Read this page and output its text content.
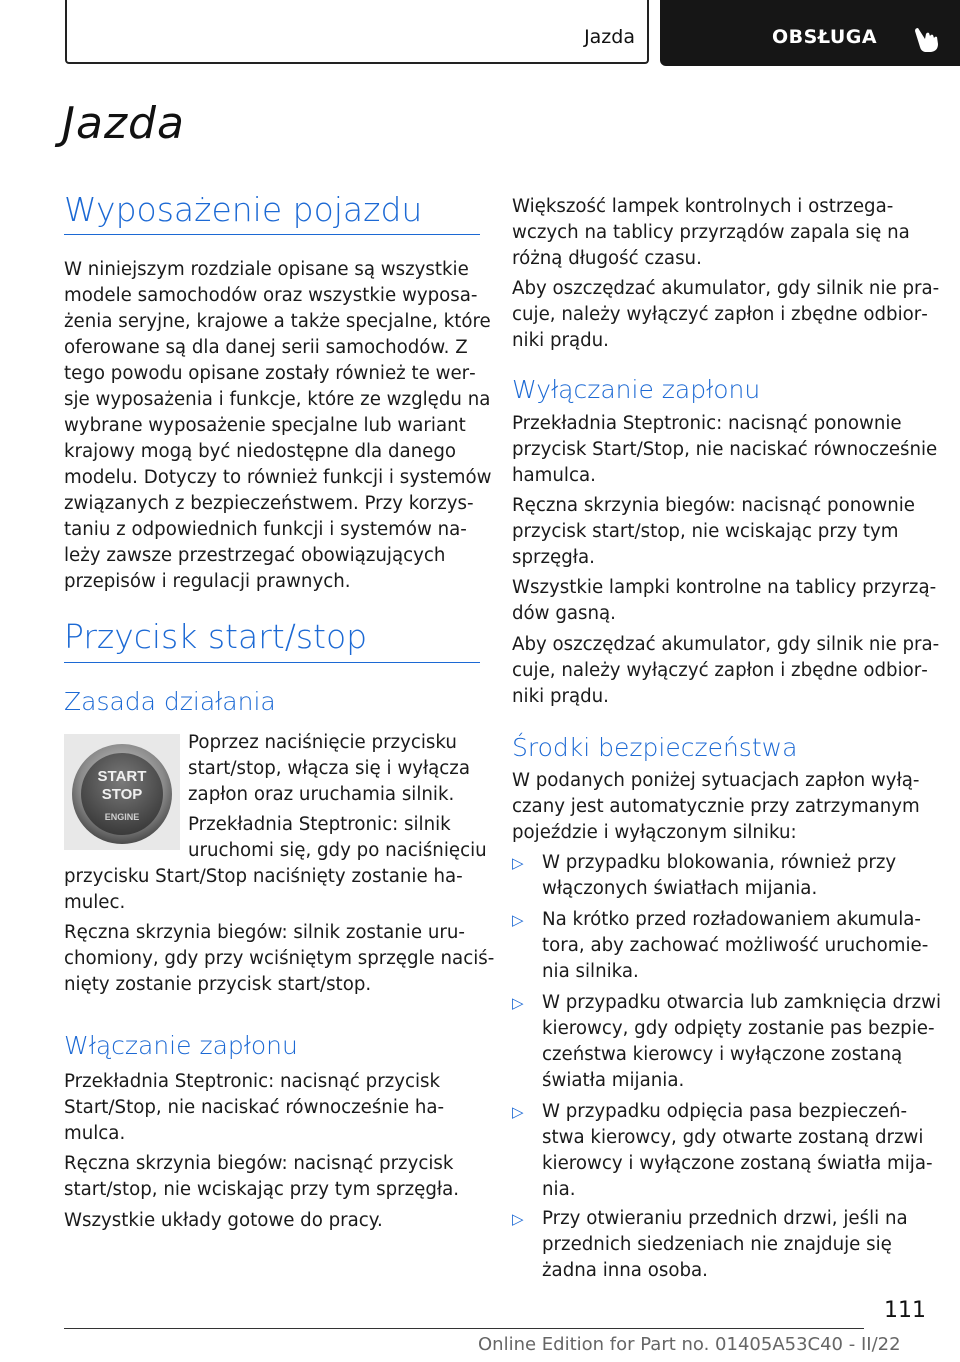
Jazda	OBSŁUGA
Jazda
Wyposażenie pojazdu
W niniejszym rozdziale opisane są wszystkie
modele samochodów oraz wszystkie wyposa‐
żenia seryjne, krajowe a także specjalne, które
oferowane są dla danej serii samochodów. Z
tego powodu opisane zostały również te wer‐
sje wyposażenia i funkcje, które ze względu na
wybrane wyposażenie specjalne lub wariant
krajowy mogą być niedostępne dla danego
modelu. Dotyczy to również funkcji i systemów
związanych z bezpieczeństwem. Przy korzys‐
taniu z odpowiednich funkcji i systemów na‐
leży zawsze przestrzegać obowiązujących
przepisów i regulacji prawnych.
Przycisk start/stop
Zasada działania
Poprzez naciśnięcie przycisku
start/stop, włącza się i wyłącza
zapłon oraz uruchamia silnik.
Przekładnia Steptronic: silnik
uruchomi się, gdy po naciśnięciu
przycisku Start/Stop naciśnięty zostanie ha‐
mulec.
Ręczna skrzynia biegów: silnik zostanie uru‐
chomiony, gdy przy wciśniętym sprzęgle naciś‐
nięty zostanie przycisk start/stop.
Włączanie zapłonu
Przekładnia Steptronic: nacisnąć przycisk
Start/Stop, nie naciskać równocześnie ha‐
mulca.
Ręczna skrzynia biegów: nacisnąć przycisk
start/stop, nie wciskając przy tym sprzęgła.
Wszystkie układy gotowe do pracy.
START
STOP
ENGINE
Większość lampek kontrolnych i ostrzega‐
wczych na tablicy przyrządów zapala się na
różną długość czasu.
Aby oszczędzać akumulator, gdy silnik nie pra‐
cuje, należy wyłączyć zapłon i zbędne odbior‐
niki prądu.
Wyłączanie zapłonu
Przekładnia Steptronic: nacisnąć ponownie
przycisk Start/Stop, nie naciskać równocześnie
hamulca.
Ręczna skrzynia biegów: nacisnąć ponownie
przycisk start/stop, nie wciskając przy tym
sprzęgła.
Wszystkie lampki kontrolne na tablicy przyrzą‐
dów gasną.
Aby oszczędzać akumulator, gdy silnik nie pra‐
cuje, należy wyłączyć zapłon i zbędne odbior‐
niki prądu.
Środki bezpieczeństwa
W podanych poniżej sytuacjach zapłon wyłą‐
czany jest automatycznie przy zatrzymanym
pojeździe i wyłączonym silniku:
▷ W przypadku blokowania, również przy
włączonych światłach mijania.
▷ Na krótko przed rozładowaniem akumula‐
tora, aby zachować możliwość uruchomie‐
nia silnika.
▷ W przypadku otwarcia lub zamknięcia drzwi
kierowcy, gdy odpięty zostanie pas bezpie‐
czeństwa kierowcy i wyłączone zostaną
światła mijania.
▷ W przypadku odpięcia pasa bezpieczeń‐
stwa kierowcy, gdy otwarte zostaną drzwi
kierowcy i wyłączone zostaną światła mija‐
nia.
▷ Przy otwieraniu przednich drzwi, jeśli na
przednich siedzeniach nie znajduje się
żadna inna osoba.
111
Online Edition for Part no. 01405A53C40 - II/22
